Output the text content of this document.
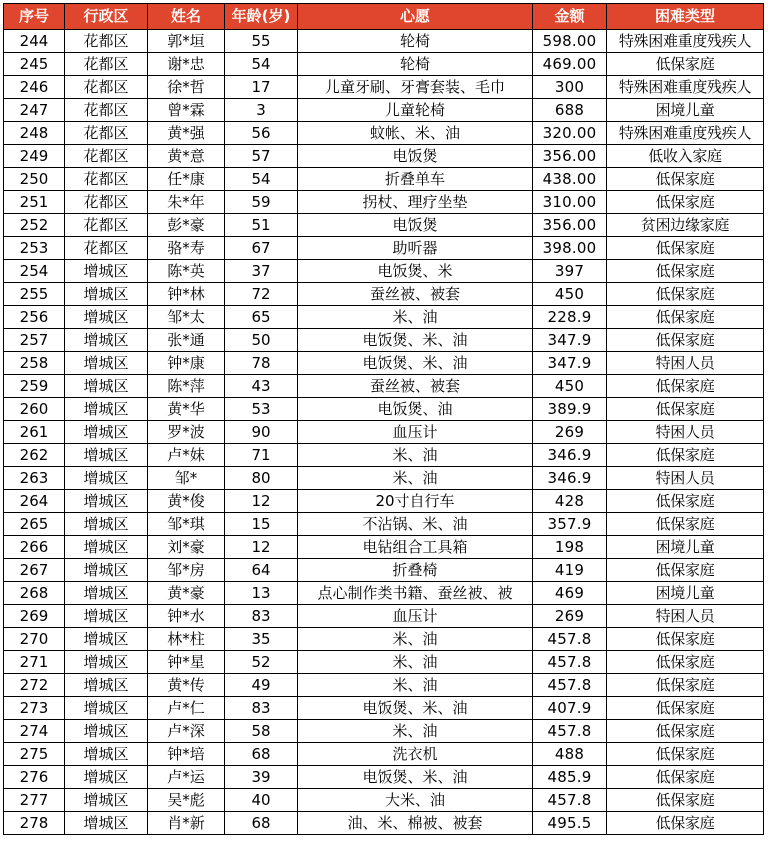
序号	行政区	姓名	年龄(岁)	心愿	金额	困难类型
244	花都区	郭*垣	55	轮椅	598.00	特殊困难重度残疾人
245	花都区	谢*忠	54	轮椅	469.00	低保家庭
246	花都区	徐*哲	17	儿童牙刷、牙膏套装、毛巾	300	特殊困难重度残疾人
247	花都区	曾*霖	3	儿童轮椅	688	困境儿童
248	花都区	黄*强	56	蚊帐、米、油	320.00	特殊困难重度残疾人
249	花都区	黄*意	57	电饭煲	356.00	低收入家庭
250	花都区	任*康	54	折叠单车	438.00	低保家庭
251	花都区	朱*年	59	拐杖、理疗坐垫	310.00	低保家庭
252	花都区	彭*豪	51	电饭煲	356.00	贫困边缘家庭
253	花都区	骆*寿	67	助听器	398.00	低保家庭
254	增城区	陈*英	37	电饭煲、米	397	低保家庭
255	增城区	钟*林	72	蚕丝被、被套	450	低保家庭
256	增城区	邹*太	65	米、油	228.9	低保家庭
257	增城区	张*通	50	电饭煲、米、油	347.9	低保家庭
258	增城区	钟*康	78	电饭煲、米、油	347.9	特困人员
259	增城区	陈*萍	43	蚕丝被、被套	450	低保家庭
260	增城区	黄*华	53	电饭煲、油	389.9	低保家庭
261	增城区	罗*波	90	血压计	269	特困人员
262	增城区	卢*妹	71	米、油	346.9	低保家庭
263	增城区	邹*	80	米、油	346.9	特困人员
264	增城区	黄*俊	12	20寸自行车	428	低保家庭
265	增城区	邹*琪	15	不沾锅、米、油	357.9	低保家庭
266	增城区	刘*豪	12	电钻组合工具箱	198	困境儿童
267	增城区	邹*房	64	折叠椅	419	低保家庭
268	增城区	黄*豪	13	点心制作类书籍、蚕丝被、被	469	困境儿童
269	增城区	钟*水	83	血压计	269	特困人员
270	增城区	林*柱	35	米、油	457.8	低保家庭
271	增城区	钟*星	52	米、油	457.8	低保家庭
272	增城区	黄*传	49	米、油	457.8	低保家庭
273	增城区	卢*仁	83	电饭煲、米、油	407.9	低保家庭
274	增城区	卢*深	58	米、油	457.8	低保家庭
275	增城区	钟*培	68	洗衣机	488	低保家庭
276	增城区	卢*运	39	电饭煲、米、油	485.9	低保家庭
277	增城区	吴*彪	40	大米、油	457.8	低保家庭
278	增城区	肖*新	68	油、米、棉被、被套	495.5	低保家庭
